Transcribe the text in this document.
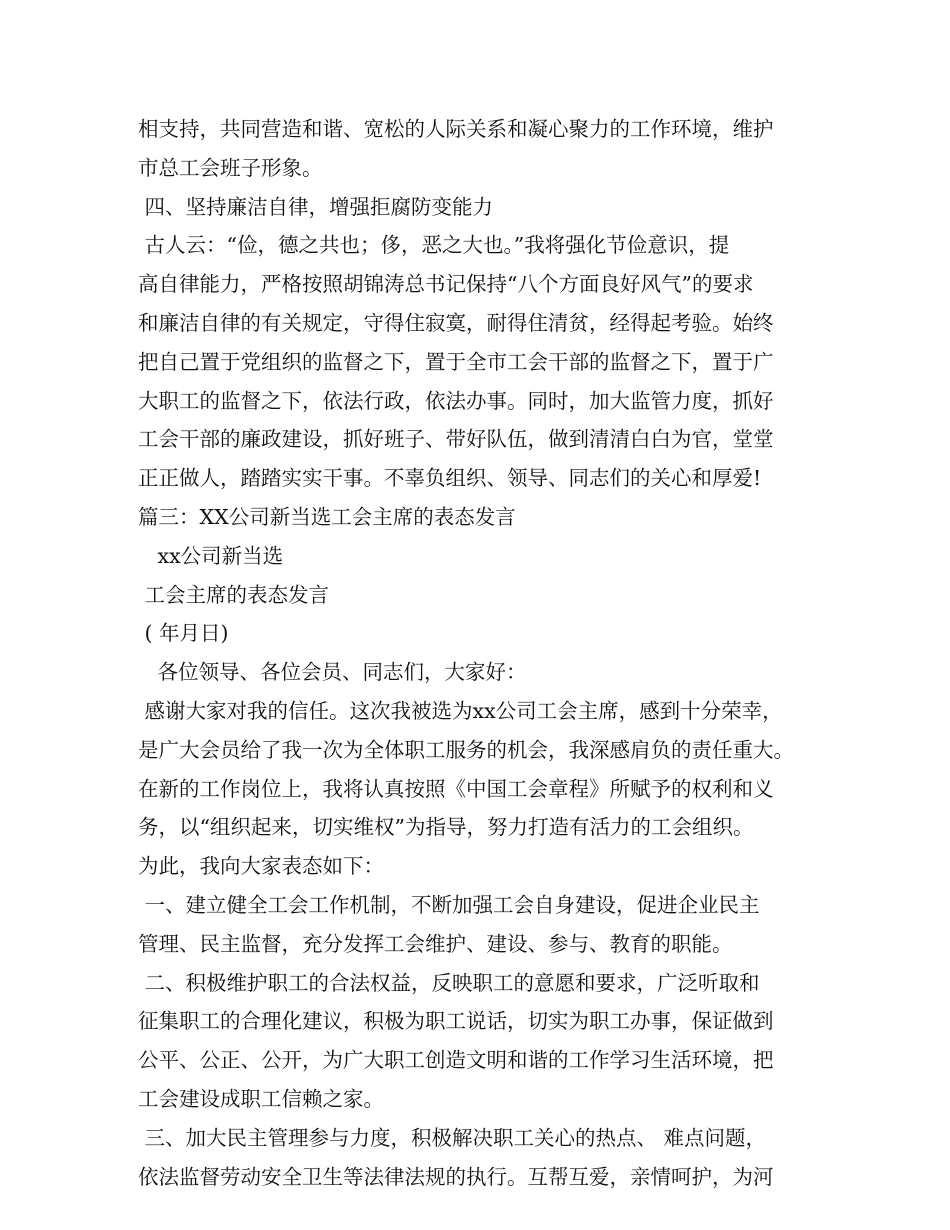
相支持，共同营造和谐、宽松的人际关系和凝心聚力的工作环境，维护
市总工会班子形象。
四、坚持廉洁自律，增强拒腐防变能力
古人云：“俭，德之共也；侈，恶之大也。”我将强化节俭意识，提
高自律能力，严格按照胡锦涛总书记保持“八个方面良好风气”的要求
和廉洁自律的有关规定，守得住寂寞，耐得住清贫，经得起考验。始终
把自己置于党组织的监督之下，置于全市工会干部的监督之下，置于广
大职工的监督之下，依法行政，依法办事。同时，加大监管力度，抓好
工会干部的廉政建设，抓好班子、带好队伍，做到清清白白为官，堂堂
正正做人，踏踏实实干事。不辜负组织、领导、同志们的关心和厚爱!
篇三：XX公司新当选工会主席的表态发言
xx公司新当选
工会主席的表态发言
( 年月日)
各位领导、各位会员、同志们，大家好：
感谢大家对我的信任。这次我被选为xx公司工会主席，感到十分荣幸，
是广大会员给了我一次为全体职工服务的机会，我深感肩负的责任重大。
在新的工作岗位上，我将认真按照《中国工会章程》所赋予的权利和义
务，以“组织起来，切实维权”为指导，努力打造有活力的工会组织。
为此，我向大家表态如下：
一、建立健全工会工作机制，不断加强工会自身建设，促进企业民主
管理、民主监督，充分发挥工会维护、建设、参与、教育的职能。
二、积极维护职工的合法权益，反映职工的意愿和要求，广泛听取和
征集职工的合理化建议，积极为职工说话，切实为职工办事，保证做到
公平、公正、公开，为广大职工创造文明和谐的工作学习生活环境，把
工会建设成职工信赖之家。
三、加大民主管理参与力度，积极解决职工关心的热点、 难点问题，
依法监督劳动安全卫生等法律法规的执行。互帮互爱，亲情呵护，为河
